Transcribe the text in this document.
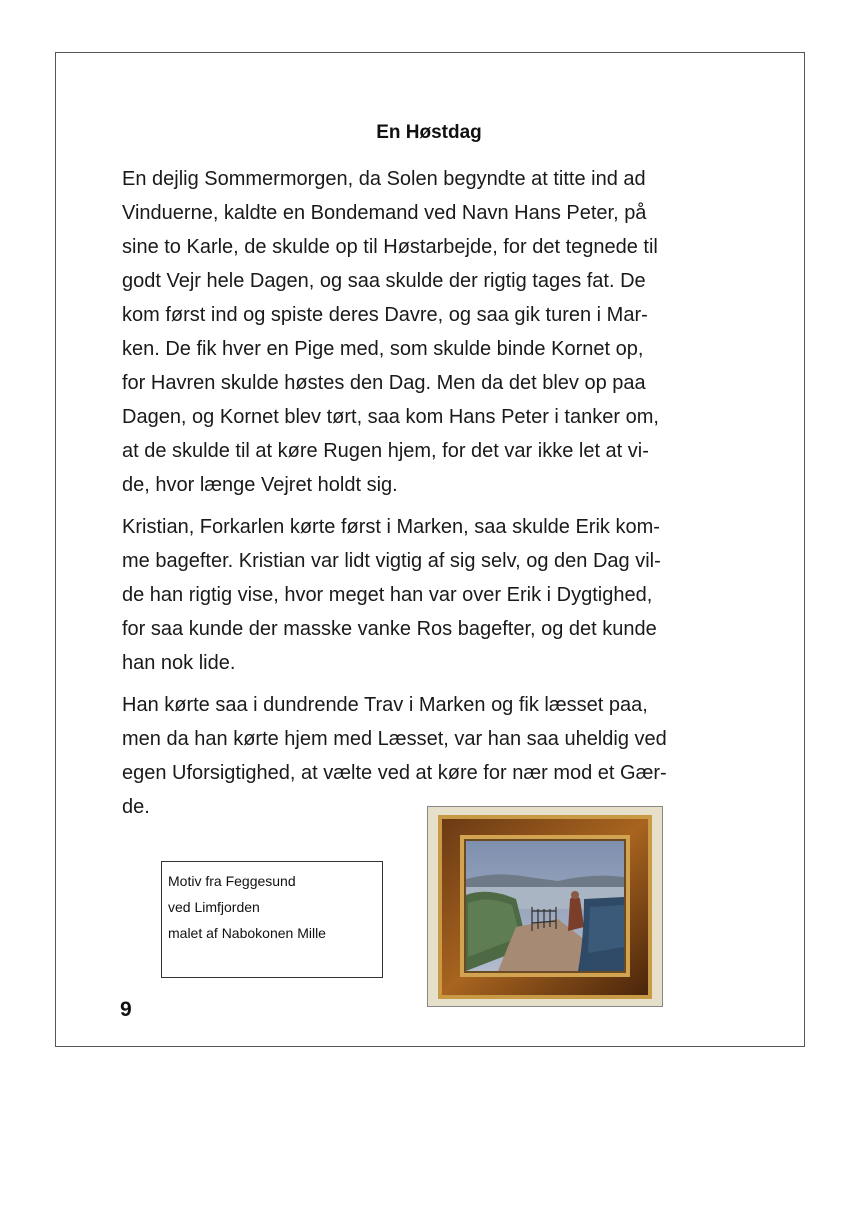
En Høstdag

En dejlig Sommermorgen, da Solen begyndte at titte ind ad
Vinduerne, kaldte en Bondemand ved Navn Hans Peter, på
sine to Karle, de skulde op til Høstarbejde, for det tegnede til
godt Vejr hele Dagen, og saa skulde der rigtig tages fat. De
kom først ind og spiste deres Davre, og saa gik turen i Mar-
ken. De fik hver en Pige med, som skulde binde Kornet op,
for Havren skulde høstes den Dag. Men da det blev op paa
Dagen, og Kornet blev tørt, saa kom Hans Peter i tanker om,
at de skulde til at køre Rugen hjem, for det var ikke let at vi-
de, hvor længe Vejret holdt sig.

Kristian, Forkarlen kørte først i Marken, saa skulde Erik kom-
me bagefter. Kristian var lidt vigtig af sig selv, og den Dag vil-
de han rigtig vise, hvor meget han var over Erik i Dygtighed,
for saa kunde der masske vanke Ros bagefter, og det kunde
han nok lide.

Han kørte saa i dundrende Trav i Marken og fik læsset paa,
men da han kørte hjem med Læsset, var han saa uheldig ved
egen Uforsigtighed, at vælte ved at køre for nær mod et Gær-
de.

Motiv fra Feggesund
ved Limfjorden
malet af Nabokonen Mille
9
